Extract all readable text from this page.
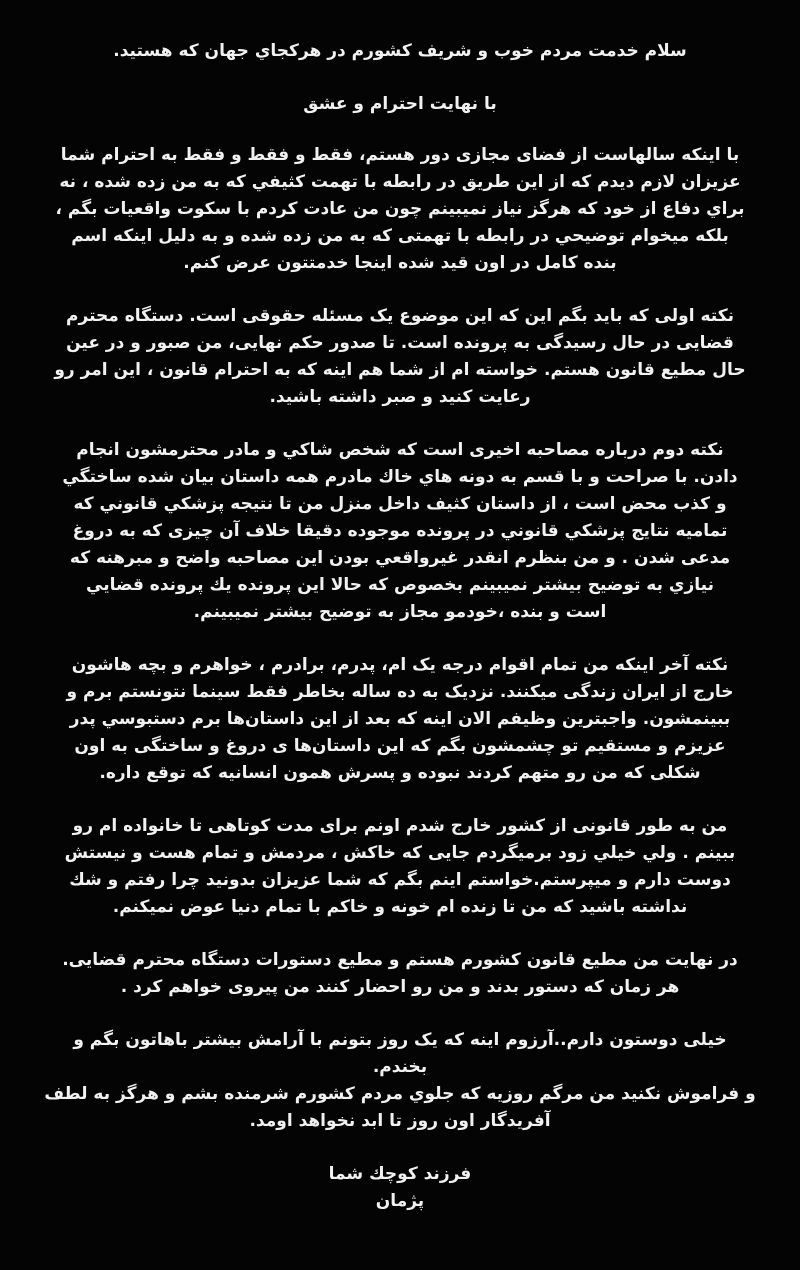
سلام خدمت مردم خوب و شریف کشورم در هرکجاي جهان که هستید.
با نهایت احترام و عشق
با اینکه سالهاست از فضای مجازی دور هستم، فقط و فقط و فقط به احترام شما
عزیزان لازم دیدم که از این طریق در رابطه با تهمت کثیفي که به من زده شده ، نه
براي دفاع از خود که هرگز نیاز نمیبینم چون من عادت کردم با سکوت واقعیات بگم ،
بلکه میخوام توضیحي در رابطه با تهمتی که به من زده شده و به دلیل اینکه اسم
بنده کامل در اون قید شده اینجا خدمتتون عرض کنم.
نکته اولی که باید بگم این که این موضوع یک مسئله حقوقی است. دستگاه محترم
قضایی در حال رسیدگی به پرونده است. تا صدور حکم نهایی، من صبور و در عین
حال مطیع قانون هستم. خواسته ام از شما هم اینه که به احترام قانون ، این امر رو
رعایت کنید و صبر داشته باشید.
نکته دوم درباره مصاحبه اخیری است که شخص شاکي و مادر محترمشون انجام
دادن. با صراحت و با قسم به دونه هاي خاك مادرم همه داستان بیان شده ساختگي
و كذب محض است ، از داستان کثیف داخل منزل من تا نتیجه پزشكي قانوني كه
تمامیه نتایج پزشكي قانوني در پرونده موجوده دقیقا خلاف آن چیزی که به دروغ
مدعی شدن . و من بنظرم انقدر غیرواقعي بودن این مصاحبه واضح و مبرهنه که
نیازي به توضیح بیشتر نمیبینم بخصوص که حالا این پرونده یك پرونده قضایي
است و بنده ،خودمو مجاز به توضیح بیشتر نمیبینم.
نکته آخر اینکه من تمام اقوام درجه یک ام، پدرم، برادرم ، خواهرم و بچه هاشون
خارج از ایران زندگی میکنند. نزدیک به ده ساله بخاطر فقط سینما نتونستم برم و
ببینمشون. واجبترین وظیفم الان اینه که بعد از این داستان‌ها برم دستبوسي پدر
عزیزم و مستقیم تو چشمشون بگم که این داستان‌ها ی دروغ و ساختگی به اون
شکلی که من رو متهم کردند نبوده و پسرش همون انسانیه که توقع داره.
من به طور قانونی از کشور خارج شدم اونم برای مدت کوتاهی تا خانواده ام رو
ببینم . ولي خیلي زود برمیگردم جایی که خاکش ، مردمش و تمام هست و نیستش
دوست دارم و میپرستم.خواستم اینم بگم که شما عزیزان بدونید چرا رفتم و شك
نداشته باشید که من تا زنده ام خونه و خاکم با تمام دنیا عوض نمیکنم.
در نهایت من مطیع قانون کشورم هستم و مطیع دستورات دستگاه محترم قضایی.
هر زمان که دستور بدند و من رو احضار کنند من پیروی خواهم کرد .
خیلی دوستون دارم..آرزوم اینه که یک روز بتونم با آرامش بیشتر باهاتون بگم و
بخندم.
و فراموش نکنید من مرگم روزیه که جلوي مردم کشورم شرمنده بشم و هرگز به لطف
آفریدگار اون روز تا ابد نخواهد اومد.
فرزند کوچك شما
پژمان
